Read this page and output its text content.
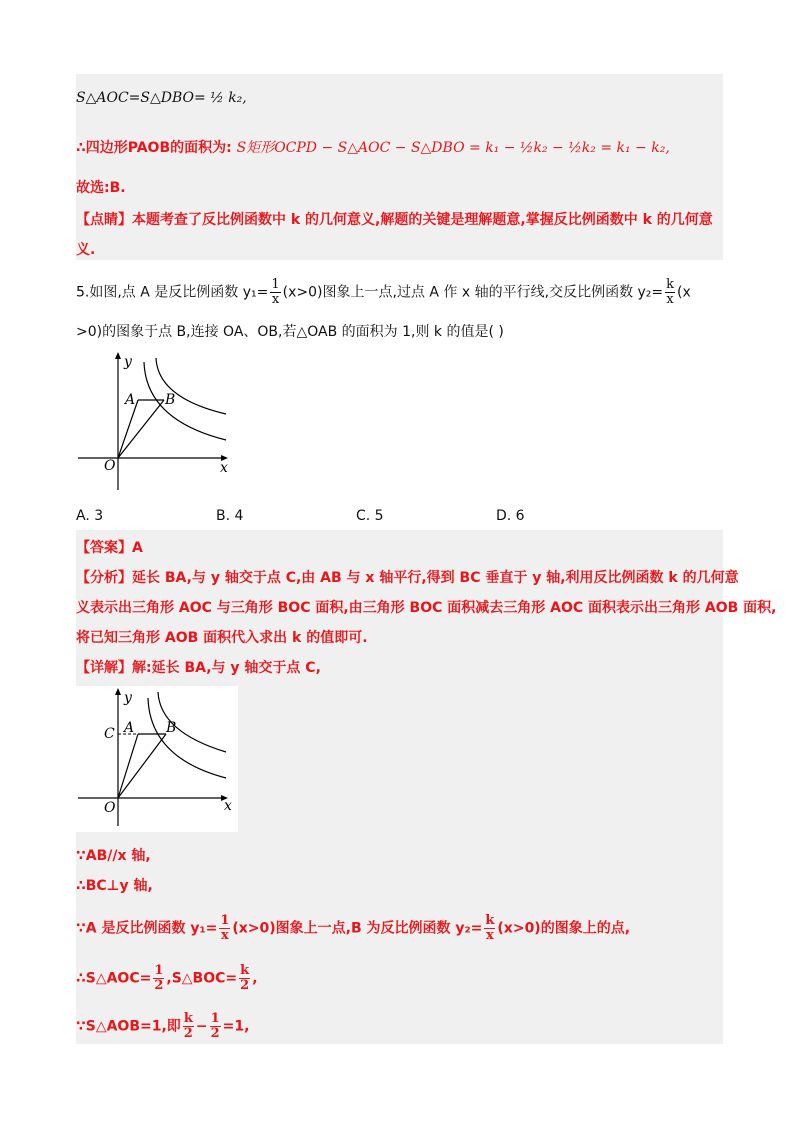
S△AOC=S△DBO= ½ k₂,
∴四边形PAOB的面积为: S矩形OCPD − S△AOC − S△DBO = k₁ − ½k₂ − ½k₂ = k₁ − k₂,
故选:B.
【点睛】本题考查了反比例函数中 k 的几何意义,解题的关键是理解题意,掌握反比例函数中 k 的几何意
义.
5.如图,点 A 是反比例函数 $y_1= \frac{1}{x} (x>0)$图象上一点,过点 A 作 x 轴的平行线,交反比例函数 $y_2= \frac{k}{x} (x$
>0)的图象于点 B,连接 OA、OB,若△OAB 的面积为 1,则 k 的值是( )
y
x
O
A B
A. 3	B. 4	C. 5	D. 6
【答案】A
【分析】延长 BA,与 y 轴交于点 C,由 AB 与 x 轴平行,得到 BC 垂直于 y 轴,利用反比例函数 k 的几何意
义表示出三角形 AOC 与三角形 BOC 面积,由三角形 BOC 面积减去三角形 AOC 面积表示出三角形 AOB 面积,
将已知三角形 AOB 面积代入求出 k 的值即可.
【详解】解:延长 BA,与 y 轴交于点 C,
y
x
O
C A B
∵AB//x 轴,
∴BC⊥y 轴,
∵A 是反比例函数 $y_1= \frac{1}{x} (x>0)$图象上一点,B 为反比例函数 $y_2= \frac{k}{x} (x>0)$的图象上的点,
∴S△AOC= $\frac{1}{2}$ ,S△BOC= $\frac{k}{2}$ ,
∵S△AOB=1,即 $\frac{k}{2} - \frac{1}{2} =1$,
